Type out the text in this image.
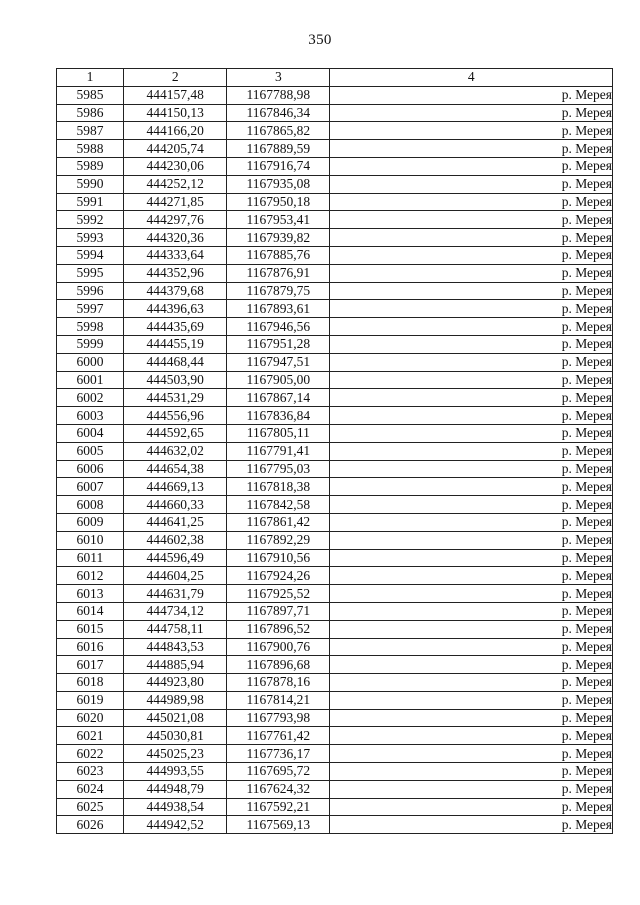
350
1	2	3	4
5985	444157,48	1167788,98	р. Мерея
5986	444150,13	1167846,34	р. Мерея
5987	444166,20	1167865,82	р. Мерея
5988	444205,74	1167889,59	р. Мерея
5989	444230,06	1167916,74	р. Мерея
5990	444252,12	1167935,08	р. Мерея
5991	444271,85	1167950,18	р. Мерея
5992	444297,76	1167953,41	р. Мерея
5993	444320,36	1167939,82	р. Мерея
5994	444333,64	1167885,76	р. Мерея
5995	444352,96	1167876,91	р. Мерея
5996	444379,68	1167879,75	р. Мерея
5997	444396,63	1167893,61	р. Мерея
5998	444435,69	1167946,56	р. Мерея
5999	444455,19	1167951,28	р. Мерея
6000	444468,44	1167947,51	р. Мерея
6001	444503,90	1167905,00	р. Мерея
6002	444531,29	1167867,14	р. Мерея
6003	444556,96	1167836,84	р. Мерея
6004	444592,65	1167805,11	р. Мерея
6005	444632,02	1167791,41	р. Мерея
6006	444654,38	1167795,03	р. Мерея
6007	444669,13	1167818,38	р. Мерея
6008	444660,33	1167842,58	р. Мерея
6009	444641,25	1167861,42	р. Мерея
6010	444602,38	1167892,29	р. Мерея
6011	444596,49	1167910,56	р. Мерея
6012	444604,25	1167924,26	р. Мерея
6013	444631,79	1167925,52	р. Мерея
6014	444734,12	1167897,71	р. Мерея
6015	444758,11	1167896,52	р. Мерея
6016	444843,53	1167900,76	р. Мерея
6017	444885,94	1167896,68	р. Мерея
6018	444923,80	1167878,16	р. Мерея
6019	444989,98	1167814,21	р. Мерея
6020	445021,08	1167793,98	р. Мерея
6021	445030,81	1167761,42	р. Мерея
6022	445025,23	1167736,17	р. Мерея
6023	444993,55	1167695,72	р. Мерея
6024	444948,79	1167624,32	р. Мерея
6025	444938,54	1167592,21	р. Мерея
6026	444942,52	1167569,13	р. Мерея
